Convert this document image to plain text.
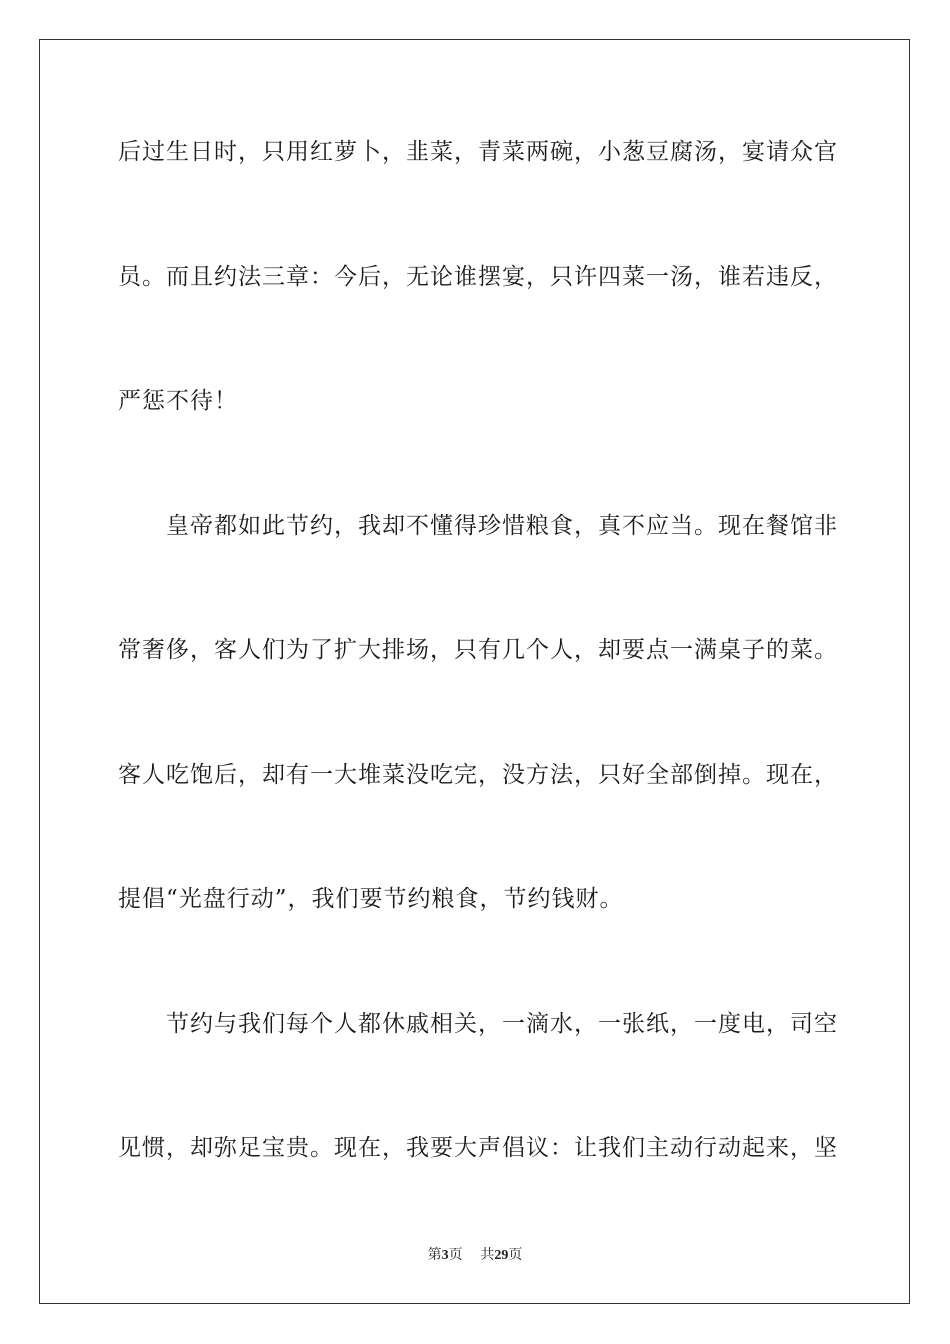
后过生日时，只用红萝卜，韭菜，青菜两碗，小葱豆腐汤，宴请众官
员。而且约法三章：今后，无论谁摆宴，只许四菜一汤，谁若违反，
严惩不待！
皇帝都如此节约，我却不懂得珍惜粮食，真不应当。现在餐馆非
常奢侈，客人们为了扩大排场，只有几个人，却要点一满桌子的菜。
客人吃饱后，却有一大堆菜没吃完，没方法，只好全部倒掉。现在，
提倡“光盘行动”，我们要节约粮食，节约钱财。
节约与我们每个人都休戚相关，一滴水，一张纸，一度电，司空
见惯，却弥足宝贵。现在，我要大声倡议：让我们主动行动起来，坚
第3页 共29页
